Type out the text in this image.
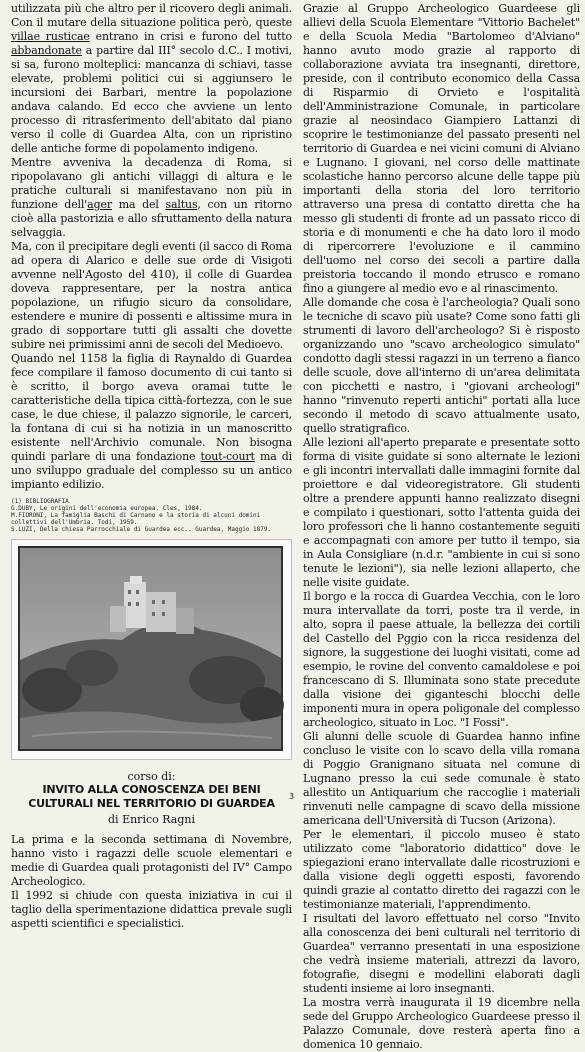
utilizzata più che altro per il ricovero degli animali. Con il mutare della situazione politica però, queste villae rusticae entrano in crisi e furono del tutto abbandonate a partire dal III° secolo d.C.. I motivi, si sa, furono molteplici: mancanza di schiavi, tasse elevate, problemi politici cui si aggiunsero le incursioni dei Barbari, mentre la popolazione andava calando. Ed ecco che avviene un lento processo di ritrasferimento dell'abitato dal piano verso il colle di Guardea Alta, con un ripristino delle antiche forme di popolamento indigeno.

Mentre avveniva la decadenza di Roma, si ripopolavano gli antichi villaggi di altura e le pratiche culturali si manifestavano non più in funzione dell'ager ma del saltus, con un ritorno cioè alla pastorizia e allo sfruttamento della natura selvaggia.

Ma, con il precipitare degli eventi (il sacco di Roma ad opera di Alarico e delle sue orde di Visigoti avvenne nell'Agosto del 410), il colle di Guardea doveva rappresentare, per la nostra antica popolazione, un rifugio sicuro da consolidare, estendere e munire di possenti e altissime mura in grado di sopportare tutti gli assalti che dovette subire nei primissimi anni de secoli del Medioevo.

Quando nel 1158 la figlia di Raynaldo di Guardea fece compilare il famoso documento di cui tanto si è scritto, il borgo aveva oramai tutte le caratteristiche della tipica città-fortezza, con le sue case, le due chiese, il palazzo signorile, le carceri, la fontana di cui si ha notizia in un manoscritto esistente nell'Archivio comunale. Non bisogna quindi parlare di una fondazione tout-court ma di uno sviluppo graduale del complesso su un antico impianto edilizio.

(1) BIBLIOGRAFIA
G.DUBY, Le origini dell'economia europea. Cles, 1984.
M.FIORONI, La famiglia Baschi di Carnano e la storia di alcuni domini collettivi dell'Umbria. Todi, 1959.
S.LUZI, Della chiesa Parrocchiale di Guardea ecc.. Guardea, Maggio 1879.
corso di:
INVITO ALLA CONOSCENZA DEI BENI CULTURALI NEL TERRITORIO DI GUARDEA
di Enrico Ragni

La prima e la seconda settimana di Novembre, hanno visto i ragazzi delle scuole elementari e medie di Guardea quali protagonisti del IV° Campo Archeologico.

Il 1992 si chiude con questa iniziativa in cui il taglio della sperimentazione didattica prevale sugli aspetti scientifici e specialistici.

Grazie al Gruppo Archeologico Guardeese gli allievi della Scuola Elementare "Vittorio Bachelet" e della Scuola Media "Bartolomeo d'Alviano" hanno avuto modo grazie al rapporto di collaborazione avviata tra insegnanti, direttore, preside, con il contributo economico della Cassa di Risparmio di Orvieto e l'ospitalità dell'Amministrazione Comunale, in particolare grazie al neosindaco Giampiero Lattanzi di scoprire le testimonianze del passato presenti nel territorio di Guardea e nei vicini comuni di Alviano e Lugnano. I giovani, nel corso delle mattinate scolastiche hanno percorso alcune delle tappe più importanti della storia del loro territorio attraverso una presa di contatto diretta che ha messo gli studenti di fronte ad un passato ricco di storia e di monumenti e che ha dato loro il modo di ripercorrere l'evoluzione e il cammino dell'uomo nel corso dei secoli a partire dalla preistoria toccando il mondo etrusco e romano fino a giungere al medio evo e al rinascimento.

Alle domande che cosa è l'archeologia? Quali sono le tecniche di scavo più usate? Come sono fatti gli strumenti di lavoro dell'archeologo? Si è risposto organizzando uno "scavo archeologico simulato" condotto dagli stessi ragazzi in un terreno a fianco delle scuole, dove all'interno di un'area delimitata con picchetti e nastro, i "giovani archeologi" hanno "rinvenuto reperti antichi" portati alla luce secondo il metodo di scavo attualmente usato, quello stratigrafico.

Alle lezioni all'aperto preparate e presentate sotto forma di visite guidate si sono alternate le lezioni e gli incontri intervallati dalle immagini fornite dal proiettore e dal videoregistratore. Gli studenti oltre a prendere appunti hanno realizzato disegni e compilato i questionari, sotto l'attenta guida dei loro professori che li hanno costantemente seguiti e accompagnati con amore per tutto il tempo, sia in Aula Consigliare (n.d.r. "ambiente in cui si sono tenute le lezioni"), sia nelle lezioni allaperto, che nelle visite guidate.

Il borgo e la rocca di Guardea Vecchia, con le loro mura intervallate da torri, poste tra il verde, in alto, sopra il paese attuale, la bellezza dei cortili del Castello del Pggio con la ricca residenza del signore, la suggestione dei luoghi visitati, come ad esempio, le rovine del convento camaldolese e poi francescano di S. Illuminata sono state precedute dalla visione dei giganteschi blocchi delle imponenti mura in opera poligonale del complesso archeologico, situato in Loc. "I Fossi".

Gli alunni delle scuole di Guardea hanno infine concluso le visite con lo scavo della villa romana di Poggio Granignano situata nel comune di Lugnano presso la cui sede comunale è stato allestito un Antiquarium che raccoglie i materiali rinvenuti nelle campagne di scavo della missione americana dell'Università di Tucson (Arizona).

Per le elementari, il piccolo museo è stato utilizzato come "laboratorio didattico" dove le spiegazioni erano intervallate dalle ricostruzioni e dalla visione degli oggetti esposti, favorendo quindi grazie al contatto diretto dei ragazzi con le testimonianze materiali, l'apprendimento.

I risultati del lavoro effettuato nel corso "Invito alla conoscenza dei beni culturali nel territorio di Guardea" verranno presentati in una esposizione che vedrà insieme materiali, attrezzi da lavoro, fotografie, disegni e modellini elaborati dagli studenti insieme ai loro insegnanti.

La mostra verrà inaugurata il 19 dicembre nella sede del Gruppo Archeologico Guardeese presso il Palazzo Comunale, dove resterà aperta fino a domenica 10 gennaio.

3
